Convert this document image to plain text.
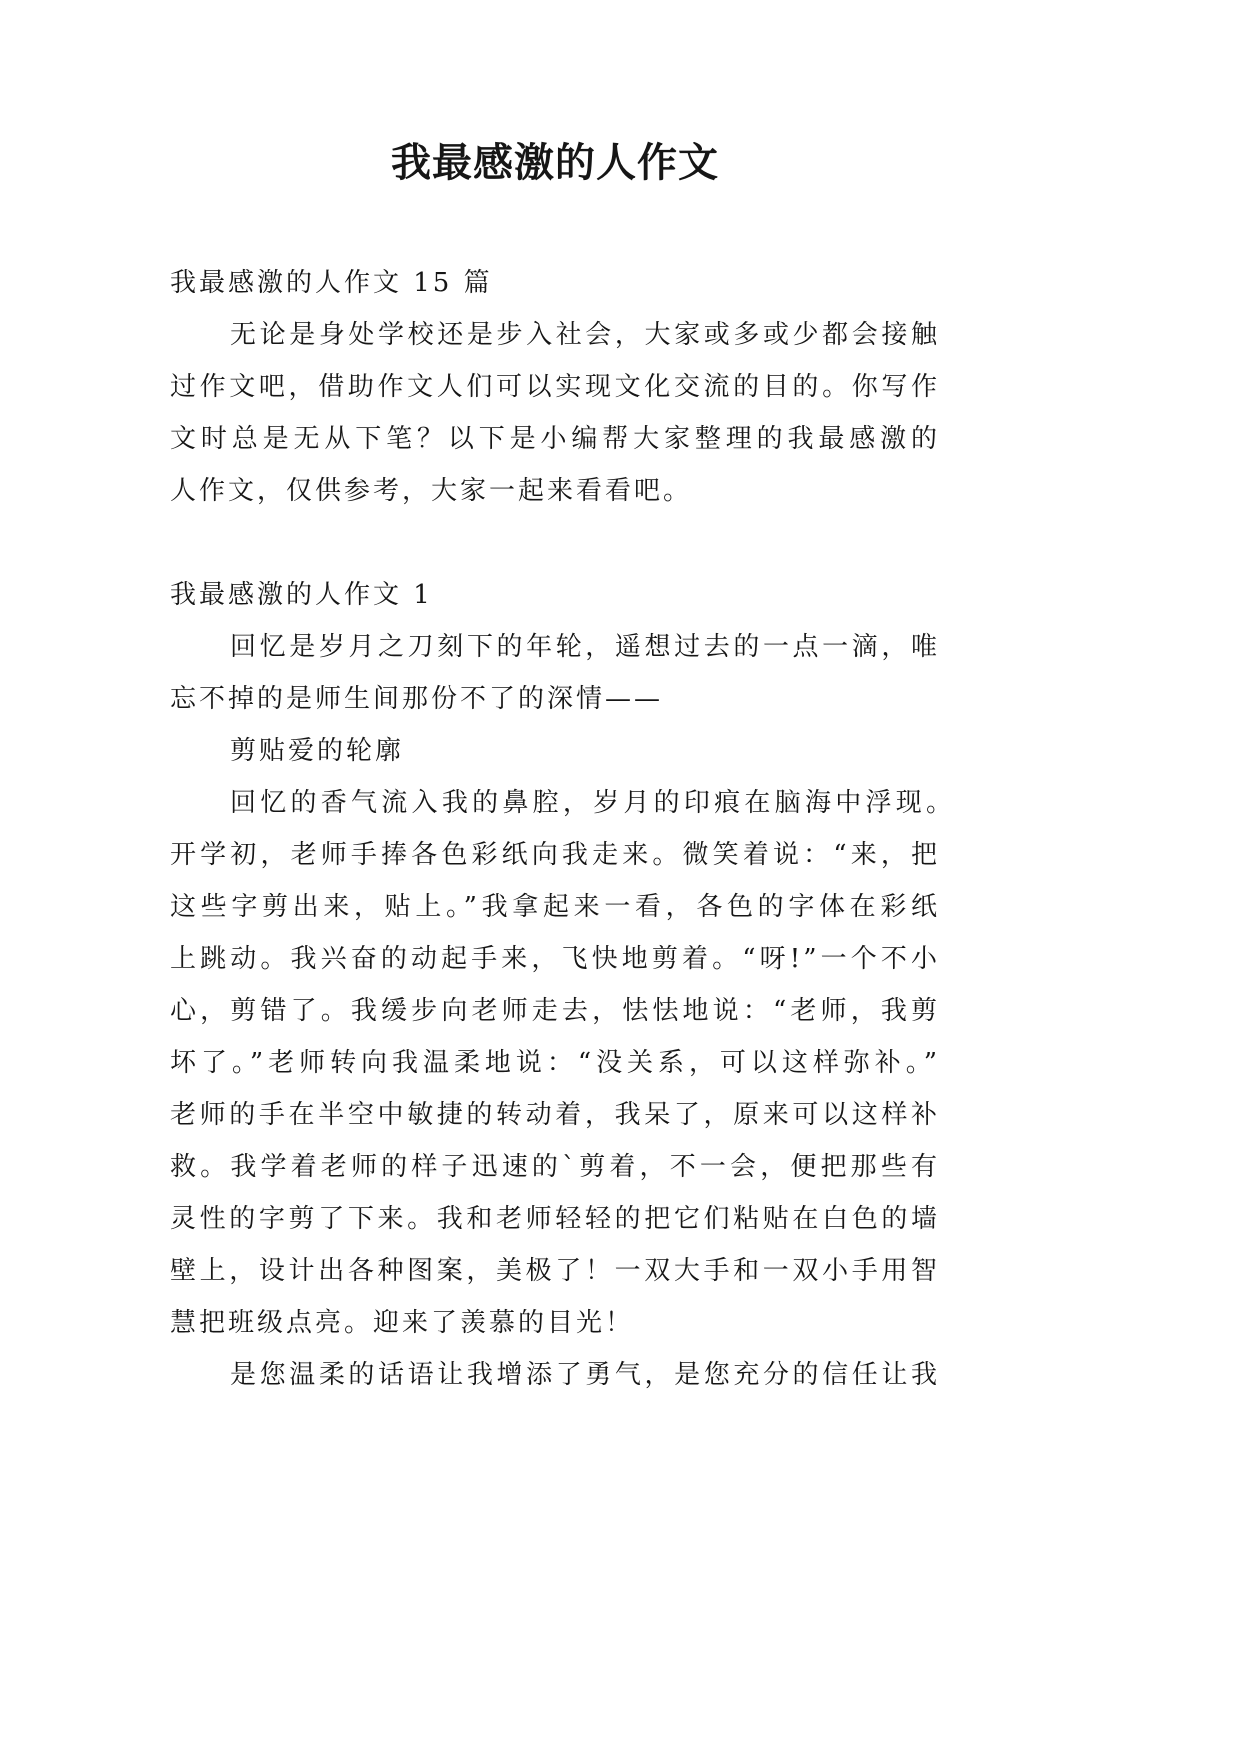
我最感激的人作文
我最感激的人作文 15 篇
无论是身处学校还是步入社会，大家或多或少都会接触
过作文吧，借助作文人们可以实现文化交流的目的。你写作
文时总是无从下笔？以下是小编帮大家整理的我最感激的
人作文，仅供参考，大家一起来看看吧。
我最感激的人作文 1
回忆是岁月之刀刻下的年轮，遥想过去的一点一滴，唯
忘不掉的是师生间那份不了的深情——
剪贴爱的轮廓
回忆的香气流入我的鼻腔，岁月的印痕在脑海中浮现。
开学初，老师手捧各色彩纸向我走来。微笑着说：“来，把
这些字剪出来，贴上。”我拿起来一看，各色的字体在彩纸
上跳动。我兴奋的动起手来，飞快地剪着。“呀!”一个不小
心，剪错了。我缓步向老师走去，怯怯地说：“老师，我剪
坏了。”老师转向我温柔地说：“没关系，可以这样弥补。”
老师的手在半空中敏捷的转动着，我呆了，原来可以这样补
救。我学着老师的样子迅速的`剪着，不一会，便把那些有
灵性的字剪了下来。我和老师轻轻的把它们粘贴在白色的墙
壁上，设计出各种图案，美极了！一双大手和一双小手用智
慧把班级点亮。迎来了羡慕的目光！
是您温柔的话语让我增添了勇气，是您充分的信任让我
